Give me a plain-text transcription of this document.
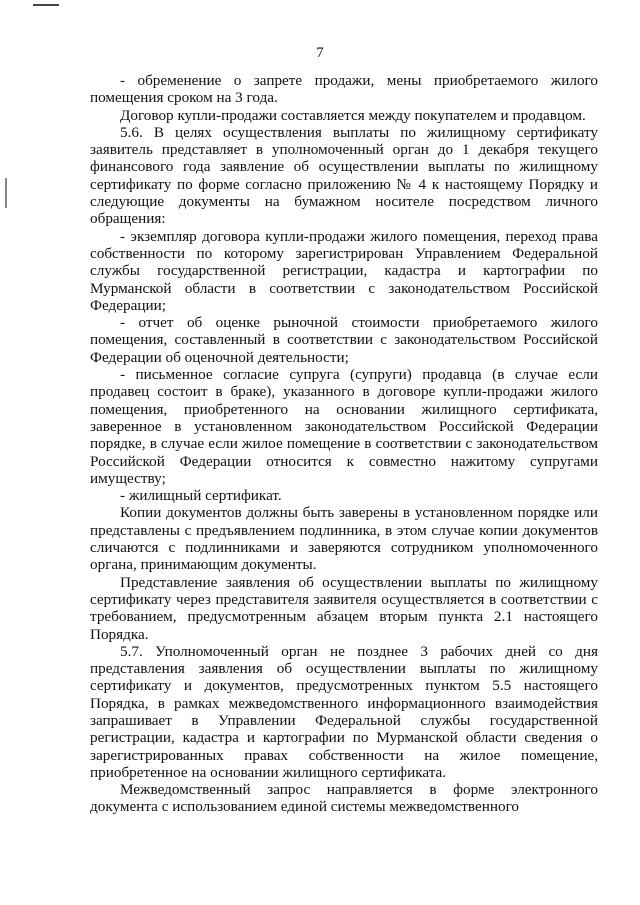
7

- обременение о запрете продажи, мены приобретаемого жилого помещения сроком на 3 года.

Договор купли-продажи составляется между покупателем и продавцом.

5.6. В целях осуществления выплаты по жилищному сертификату заявитель представляет в уполномоченный орган до 1 декабря текущего финансового года заявление об осуществлении выплаты по жилищному сертификату по форме согласно приложению № 4 к настоящему Порядку и следующие документы на бумажном носителе посредством личного обращения:

- экземпляр договора купли-продажи жилого помещения, переход права собственности по которому зарегистрирован Управлением Федеральной службы государственной регистрации, кадастра и картографии по Мурманской области в соответствии с законодательством Российской Федерации;

- отчет об оценке рыночной стоимости приобретаемого жилого помещения, составленный в соответствии с законодательством Российской Федерации об оценочной деятельности;

- письменное согласие супруга (супруги) продавца (в случае если продавец состоит в браке), указанного в договоре купли-продажи жилого помещения, приобретенного на основании жилищного сертификата, заверенное в установленном законодательством Российской Федерации порядке, в случае если жилое помещение в соответствии с законодательством Российской Федерации относится к совместно нажитому супругами имуществу;

- жилищный сертификат.

Копии документов должны быть заверены в установленном порядке или представлены с предъявлением подлинника, в этом случае копии документов сличаются с подлинниками и заверяются сотрудником уполномоченного органа, принимающим документы.

Представление заявления об осуществлении выплаты по жилищному сертификату через представителя заявителя осуществляется в соответствии с требованием, предусмотренным абзацем вторым пункта 2.1 настоящего Порядка.

5.7. Уполномоченный орган не позднее 3 рабочих дней со дня представления заявления об осуществлении выплаты по жилищному сертификату и документов, предусмотренных пунктом 5.5 настоящего Порядка, в рамках межведомственного информационного взаимодействия запрашивает в Управлении Федеральной службы государственной регистрации, кадастра и картографии по Мурманской области сведения о зарегистрированных правах собственности на жилое помещение, приобретенное на основании жилищного сертификата.

Межведомственный запрос направляется в форме электронного документа с использованием единой системы межведомственного
